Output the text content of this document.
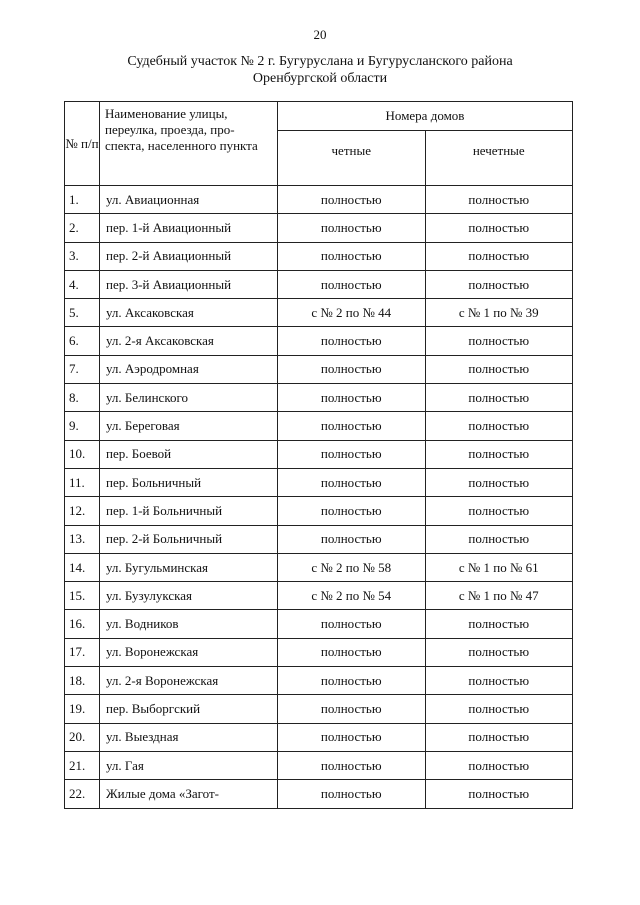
20
Судебный участок № 2 г. Бугуруслана и Бугурусланского района
Оренбургской области
№ п/п	Наименование улицы, переулка, проезда, про-спекта, населенного пункта	Номера домов	
		четные	нечетные
1.	ул. Авиационная	полностью	полностью
2.	пер. 1-й Авиационный	полностью	полностью
3.	пер. 2-й Авиационный	полностью	полностью
4.	пер. 3-й Авиационный	полностью	полностью
5.	ул. Аксаковская	с № 2 по № 44	с № 1 по № 39
6.	ул. 2-я Аксаковская	полностью	полностью
7.	ул. Аэродромная	полностью	полностью
8.	ул. Белинского	полностью	полностью
9.	ул. Береговая	полностью	полностью
10.	пер. Боевой	полностью	полностью
11.	пер. Больничный	полностью	полностью
12.	пер. 1-й Больничный	полностью	полностью
13.	пер. 2-й Больничный	полностью	полностью
14.	ул. Бугульминская	с № 2 по № 58	с № 1 по № 61
15.	ул. Бузулукская	с № 2 по № 54	с № 1 по № 47
16.	ул. Водников	полностью	полностью
17.	ул. Воронежская	полностью	полностью
18.	ул. 2-я Воронежская	полностью	полностью
19.	пер. Выборгский	полностью	полностью
20.	ул. Выездная	полностью	полностью
21.	ул. Гая	полностью	полностью
22.	Жилые дома «Загот-	полностью	полностью
